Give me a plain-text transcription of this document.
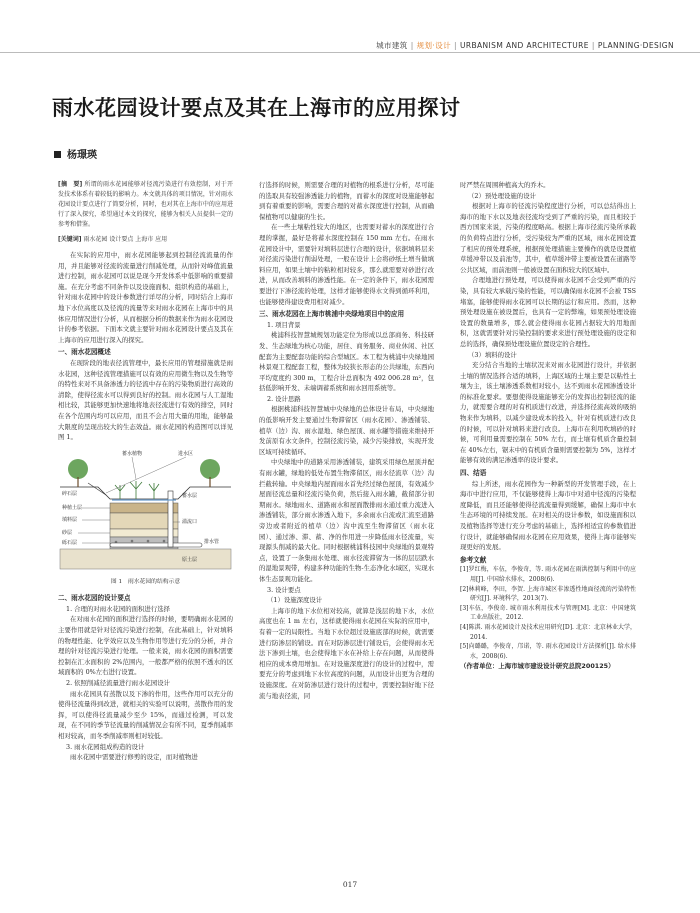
城市建筑 | 规划·设计 | URBANISM AND ARCHITECTURE | PLANNING·DESIGN
雨水花园设计要点及其在上海市的应用探讨
杨璟瑛

[摘　要] 所谓的雨水花园能够对径流污染进行有效控制，对于开发技术体系有着较低的影响力。本文就具体的项目情况，针对雨水花园设计要点进行了简要分析，同时，也对其在上海市中的应用进行了深入探究，希望通过本文的探究，能够为相关人员提供一定的参考和借鉴。

[关键词] 雨水花园 设计要点 上海市 应用

在实际的应用中，雨水花园能够起到控制径流流量的作用，并且能够对径流的流量进行削减处理，从而针对峰值流量进行控制，雨水花园可以说是现今开发体系中低影响的重要措施。在充分考虑不同条件以及设施面积、组织构造的基础上，针对雨水花园中的设计参数进行详尽的分析，同时结合上海市地下水位高度以及径流的流量等来对雨水花园在上海市中的具体应用情况进行分析，从而根据分析的数据来作为雨水花园设计的参考依据。下面本文就主要针对雨水花园设计要点及其在上海市的应用进行深入的探究。

一、雨水花园概述

在现阶段的地表径流管理中，最长应用的管理措施就是雨水花园，这种径流管理措施可以有效的应用微生物以及生物等的特性来对不具备渗透力的径流中存在的污染物质进行高效的清除，使得径流水可以得到良好的控制。雨水花园与人工湿地相比较，其能够更加快速地将地表径流进行有效的排空，同时在各个范围内均可以应用，而且不会占用大量的用地，能够最大限度的呈现出较大的生态效益。雨水花园的构造图可以详见图 1。

蓄水植物	进水区
碎石层
种植土层
蓄水层
填料层
砂层
砾石层
溢流口
原土层
排水管

图 1　雨水花园的结构示意

二、雨水花园的设计要点

1. 合理的对雨水花园的面积进行选择

在对雨水花园的面积进行选择的时候，要明确雨水花园的主要作用就是针对径流污染进行控制，在此基础上，针对填料的物理性能、化学效应以及生物作用等进行充分的分析，并合理的针对径流污染进行处理。一般来说，雨水花园的面积需要控制在汇水面积的 2%范围内，一般都严格的依照不透水的区域面积的 0%左右进行设置。

2. 依照削减径流量进行雨水花园设计

雨水花园具有蒸散以及下渗的作用，这些作用可以充分的使得径流量得到改进，就相关的实验可以说明，蒸散作用的发挥，可以使得径流量减少至少 15%，而通过检测，可以发现，在不同的季节径流量的削减情况会有所不同，夏季削减率相对较高，而冬季削减率则相对较低。

3. 雨水花园组成构造的设计

雨水花园中需要进行修剪的设定，而对植物进

行选择的时候，则需要合理的对植物的根系进行分析，尽可能的选取具有较强渗透能力的植物，而蓄水的深度对设施能够起到有着重要的影响，需要合理的对蓄水深度进行控制，从而确保植物可以健康的生长。

在一些土壤粘性较大的地区，也需要对蓄水的深度进行合理的掌握，最好是将蓄水深度控制在 150 mm 左右。在雨水花园设计中，需要针对填料层进行合理的设计，依据填料层来对径流污染进行削弱处理，一般在设计上会将砂纸土增当做填料应用，如果土壤中的粘粒相对较多，那么就需要对砂进行改进，从而改善填料的渗透性能。在一定的条件下，雨水花园需要进行下渗径流的处理，这样才能够使得水文得到循环利用，也能够使得建设费用相对减少。

三、雨水花园在上海市桃浦中央绿地项目中的应用

1. 项目背景

桃浦科技智慧城规划功能定位为形成以总部商务、科技研发、生态绿地为核心功能，居住、商务服务、商业休闲、社区配套为主要配套功能的综合型城区。本工程为桃浦中央绿地园林景观工程配套工程，整体为较狭长形态的公共绿地，东西向平均宽度约 300 m，工程合计总面积为 492 006.28 m²，包括低影响开发、未端调蓄系统和雨水回用系统等。

2. 设计思路

根据桃浦科技智慧城中央绿地的总体设计布局，中央绿地的低影响开发主要通过生物滞留区（雨水花园）、渗透铺装、植草（边）沟、雨水湿地、绿色屋顶、雨水罐等措施来维持开发前原有水文条件，控制径流污染，减少污染排放，实现开发区域可持续循环。

中央绿地中的道路采用渗透铺装，建筑采用绿色屋顶并配有雨水罐，绿地的低处布置生物滞留区，雨水径流草（边）沟拦截转输。中央绿地内屋面雨水首先经过绿色屋顶，有效减少屋面径流总量和径流污染负荷，然后接入雨水罐，截留部分初期雨水。绿地雨水、道路雨水和屋面散排雨水通过重力流进入渗透铺装，部分雨水渗透入地下，多余雨水自流或汇流至道路旁边或者附近的植草（边）沟中流至生物滞留区（雨水花园）、通过渗、滞、蓄、净的作用进一步降低雨水径流量，实现源头削减的最大化。同时根据桃浦科技园中央绿地的景观特点，设置了一条集雨水处理、雨水径流滞留为一体的层层跌水的湿地景观带，构建多种功能的生物-生态净化水域区，实现水体生态景观功能化。

3. 设计要点

（1）设施深度设计

上海市的地下水位相对较高，就算是浅层的地下水，水位高度也在 1 m 左右，这样就使得雨水花园在实际的应用中，有着一定的局限性。当地下水位超过设施底部的时候，就需要进行防渗层的铺设。而在对防渗层进行铺设后，会使得雨水无法下渗到土壤，也会使得地下水在补给上存在问题，从而使得相应的成本费用增加。在对设施深度进行的设计的过程中，需要充分的考虑到地下水位高度的问题，从而设计出更为合理的设施深度。在对防渗层进行设计的过程中，需要控制好地下径流与地表径流，同

时严禁在周围种植高大的乔木。

（2）预处理设施的设计

根据对上海市的径流污染程度进行分析，可以总结得出上海市的地下水以及地表径流均受到了严重的污染，而且相较于西方国家来说，污染的程度略高。根据上海市径流污染所承载的负荷特点进行分析，受污染较为严重的区域，雨水花园设置了相应的预处理系统，根据预处理措施主要操作的就是设置植草缓冲带以及前池等，其中，植草缓冲带主要被设置在道路等公共区域，而前池则一般被设置在面积较大的区域中。

合理地进行预处理，可以使得雨水花园不会受到严重的污染，具有较大承载污染的性能，可以确保雨水花园不会被 TSS 堵塞，能够使得雨水花园可以长期的运行和应用。然而，这种预处理设施在被设置后，也具有一定的弊端，如果预处理设施设置的数量增多，那么就会使得雨水花园占据较大的用地面积，这就需要针对污染控制的要求来进行预处理设施的设定和总的选择，确保预处理设施位置设定的合理性。

（3）填料的设计

充分结合当地的土壤状况来对雨水花园进行设计，并依据土壤的情况选择合适的填料，上海区域的土壤主要是以粘性土壤为主，该土壤渗透系数相对较小，达不到雨水花园渗透设计的标准化要求。要想使得设施能够充分的发挥出控制径流的能力，就需要合理的对有机质进行改进，并选择径流高效的吸纳物来作为填料，以减少建设成本的投入，针对有机质进行改良的时候，可以针对填料来进行改良。上海市在利用吹填砂的时候，可利用量需要控制在 50% 左右，而土壤有机质含量控制在 40%左右，锯末中的有机质含量则需要控制为 5%，这样才能够有效的满足渗透率的设计要求。

四、结语

综上所述，雨水花园作为一种新型的开发管理手段，在上海市中进行应用，不仅能够使得上海市中对道中径流的污染程度降低，而且还能够使得径流流量得到缓解，确保上海市中水生态环境的可持续发展。在对相关的设计参数，如设施面积以及植物选择等进行充分考虑的基础上，选择相适宜的参数值进行设计，就能够确保雨水花园在应用效果，使得上海市能够实现更好的发展。

参考文献

[1]罗红梅，车伍，李俊奇，等. 雨水花园在雨洪控制与利用中的应用[J]. 中国给水排水，2008(6).

[2]林莉峰，李田，李贺. 上海市城区非渗透性地面径流的污染特性研究[J]. 环境科学，2013(7).

[3]车伍，李俊奇. 城市雨水利用技术与管理[M]. 北京：中国建筑工业出版社，2012.

[4]陈淇. 雨水花园设计及技术应用研究[D]. 北京：北京林业大学，2014.

[5]向璐璐，李俊奇，邝诺，等. 雨水花园设计方法探析[J]. 给水排水，2008(6).

（作者单位：上海市城市建设设计研究总院200125）

017
